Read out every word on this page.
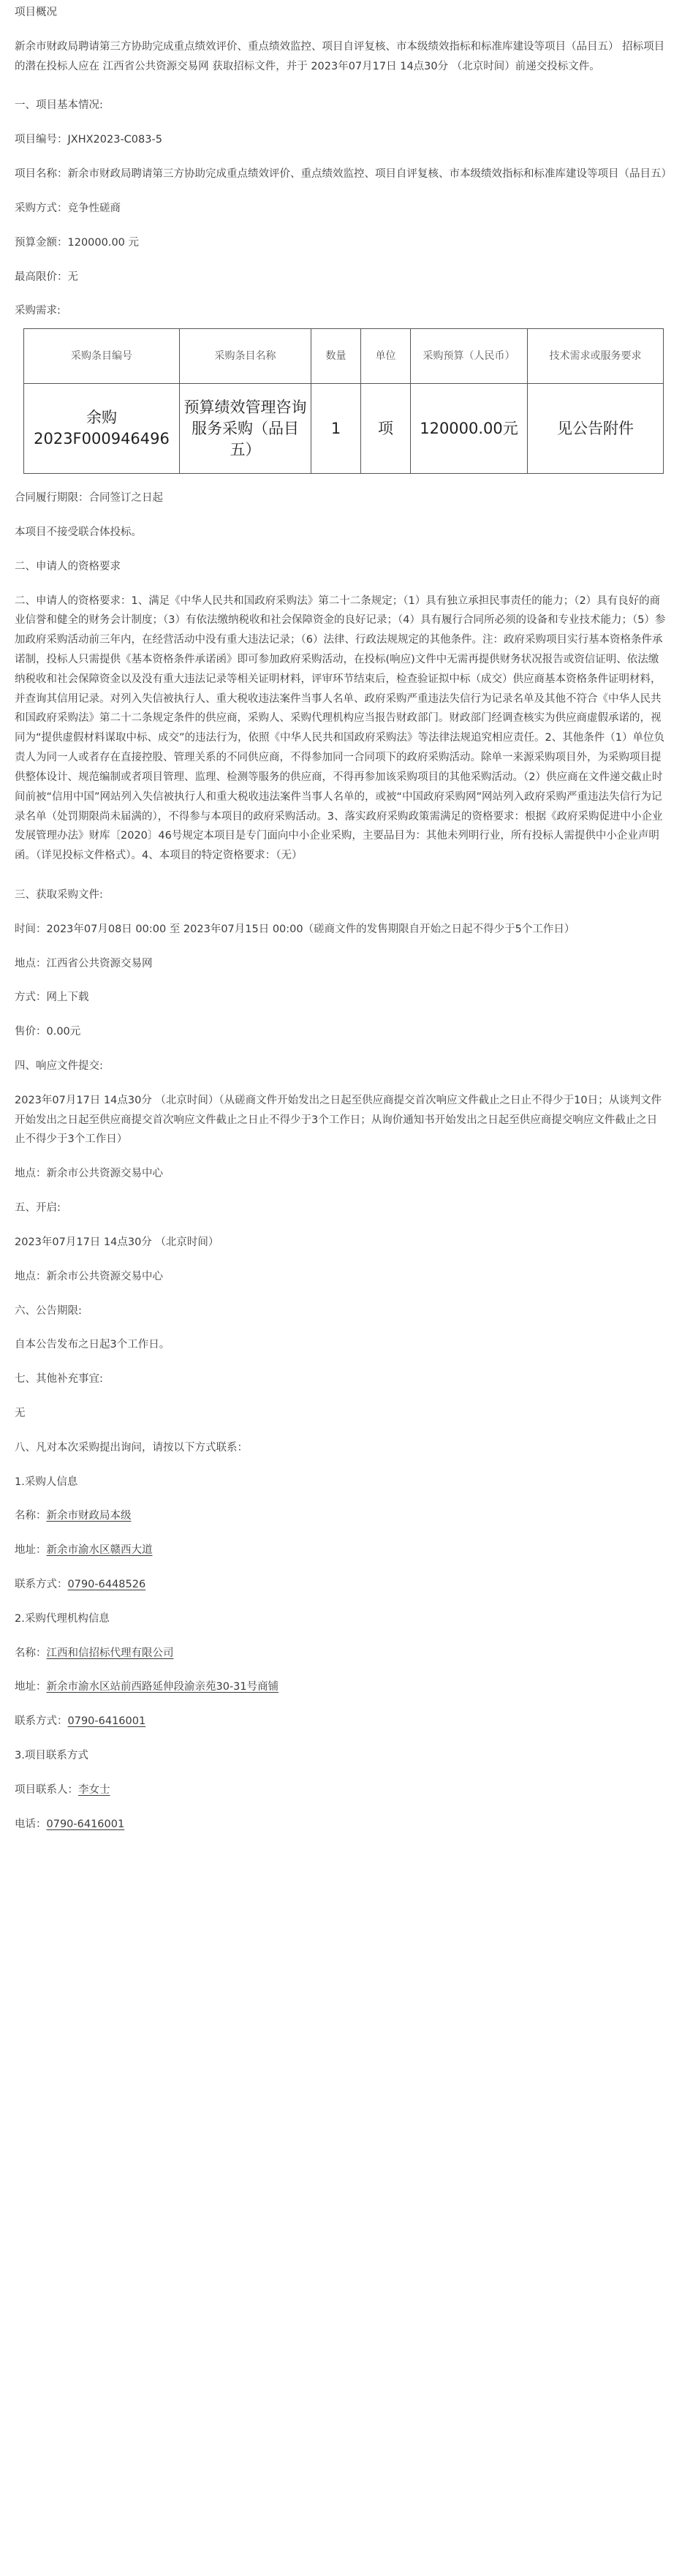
项目概况

新余市财政局聘请第三方协助完成重点绩效评价、重点绩效监控、项目自评复核、市本级绩效指标和标准库建设等项目（品目五） 招标项目的潜在投标人应在 江西省公共资源交易网 获取招标文件，并于 2023年07月17日 14点30分 （北京时间）前递交投标文件。

一、项目基本情况:

项目编号：JXHX2023-C083-5

项目名称：新余市财政局聘请第三方协助完成重点绩效评价、重点绩效监控、项目自评复核、市本级绩效指标和标准库建设等项目（品目五）

采购方式：竞争性磋商

预算金额：120000.00 元

最高限价：无

采购需求:

采购条目编号	采购条目名称	数量	单位	采购预算（人民币）	技术需求或服务要求
余购2023F000946496	预算绩效管理咨询服务采购（品目五）	1	项	120000.00元	见公告附件

合同履行期限：合同签订之日起

本项目不接受联合体投标。

二、申请人的资格要求

二、申请人的资格要求：1、满足《中华人民共和国政府采购法》第二十二条规定；（1）具有独立承担民事责任的能力；（2）具有良好的商业信誉和健全的财务会计制度；（3）有依法缴纳税收和社会保障资金的良好记录；（4）具有履行合同所必须的设备和专业技术能力；（5）参加政府采购活动前三年内，在经营活动中没有重大违法记录；（6）法律、行政法规规定的其他条件。注：政府采购项目实行基本资格条件承诺制，投标人只需提供《基本资格条件承诺函》即可参加政府采购活动，在投标(响应)文件中无需再提供财务状况报告或资信证明、依法缴纳税收和社会保障资金以及没有重大违法记录等相关证明材料，评审环节结束后，检查验证拟中标（成交）供应商基本资格条件证明材料，并查询其信用记录。对列入失信被执行人、重大税收违法案件当事人名单、政府采购严重违法失信行为记录名单及其他不符合《中华人民共和国政府采购法》第二十二条规定条件的供应商，采购人、采购代理机构应当报告财政部门。财政部门经调查核实为供应商虚假承诺的，视同为“提供虚假材料谋取中标、成交”的违法行为，依照《中华人民共和国政府采购法》等法律法规追究相应责任。2、其他条件（1）单位负责人为同一人或者存在直接控股、管理关系的不同供应商，不得参加同一合同项下的政府采购活动。除单一来源采购项目外，为采购项目提供整体设计、规范编制或者项目管理、监理、检测等服务的供应商，不得再参加该采购项目的其他采购活动。（2）供应商在文件递交截止时间前被“信用中国”网站列入失信被执行人和重大税收违法案件当事人名单的，或被“中国政府采购网”网站列入政府采购严重违法失信行为记录名单（处罚期限尚未届满的），不得参与本项目的政府采购活动。3、落实政府采购政策需满足的资格要求：根据《政府采购促进中小企业发展管理办法》财库〔2020〕46号规定本项目是专门面向中小企业采购，主要品目为：其他未列明行业，所有投标人需提供中小企业声明函。（详见投标文件格式）。4、本项目的特定资格要求：（无）

三、获取采购文件:

时间：2023年07月08日 00:00 至 2023年07月15日 00:00（磋商文件的发售期限自开始之日起不得少于5个工作日）

地点：江西省公共资源交易网

方式：网上下载

售价：0.00元

四、响应文件提交:

2023年07月17日 14点30分 （北京时间）（从磋商文件开始发出之日起至供应商提交首次响应文件截止之日止不得少于10日；从谈判文件开始发出之日起至供应商提交首次响应文件截止之日止不得少于3个工作日；从询价通知书开始发出之日起至供应商提交响应文件截止之日止不得少于3个工作日）

地点：新余市公共资源交易中心

五、开启:

2023年07月17日 14点30分 （北京时间）

地点：新余市公共资源交易中心

六、公告期限:

自本公告发布之日起3个工作日。

七、其他补充事宜:

无

八、凡对本次采购提出询问，请按以下方式联系：

1.采购人信息

名称：新余市财政局本级

地址：新余市渝水区赣西大道

联系方式：0790-6448526

2.采购代理机构信息

名称：江西和信招标代理有限公司

地址：新余市渝水区站前西路延伸段渝亲苑30-31号商铺

联系方式：0790-6416001

3.项目联系方式

项目联系人：李女士

电话：0790-6416001
